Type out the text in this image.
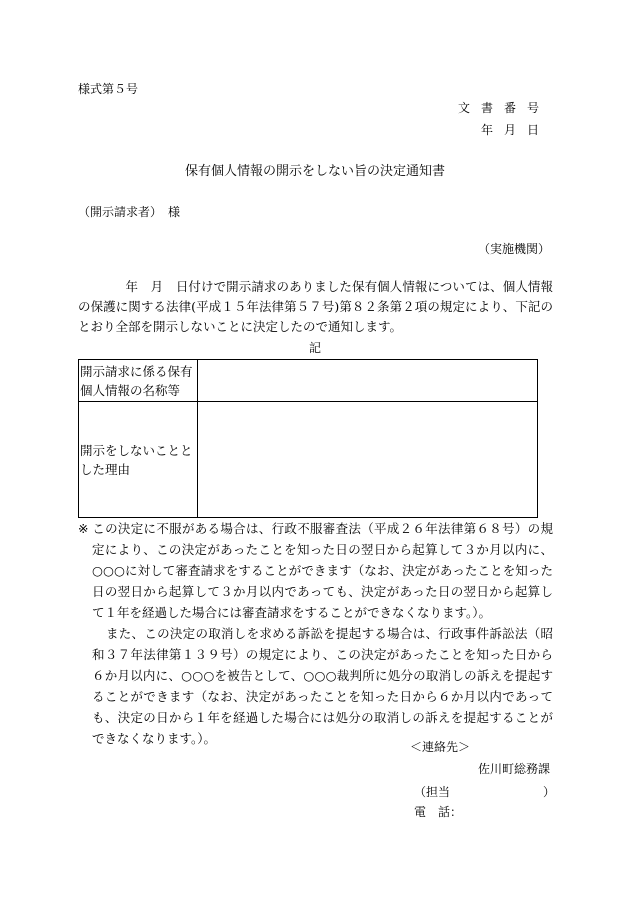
様式第５号
文書番号
年月日
保有個人情報の開示をしない旨の決定通知書
（開示請求者）　様
（実施機関）

年　月　日付けで開示請求のありました保有個人情報については、個人情報の保護に関する法律(平成１５年法律第５７号)第８２条第２項の規定により、下記のとおり全部を開示しないことに決定したので通知します。

記
開示請求に係る保有個人情報の名称等	
開示をしないこととした理由	

※ この決定に不服がある場合は、行政不服審査法（平成２６年法律第６８号）の規定により、この決定があったことを知った日の翌日から起算して３か月以内に、○○○に対して審査請求をすることができます（なお、決定があったことを知った日の翌日から起算して３か月以内であっても、決定があった日の翌日から起算して１年を経過した場合には審査請求をすることができなくなります。）。

また、この決定の取消しを求める訴訟を提起する場合は、行政事件訴訟法（昭和３７年法律第１３９号）の規定により、この決定があったことを知った日から６か月以内に、○○○を被告として、○○○裁判所に処分の取消しの訴えを提起することができます（なお、決定があったことを知った日から６か月以内であっても、決定の日から１年を経過した場合には処分の取消しの訴えを提起することができなくなります。）。

＜連絡先＞
佐川町総務課
（担当	）
電　話：
